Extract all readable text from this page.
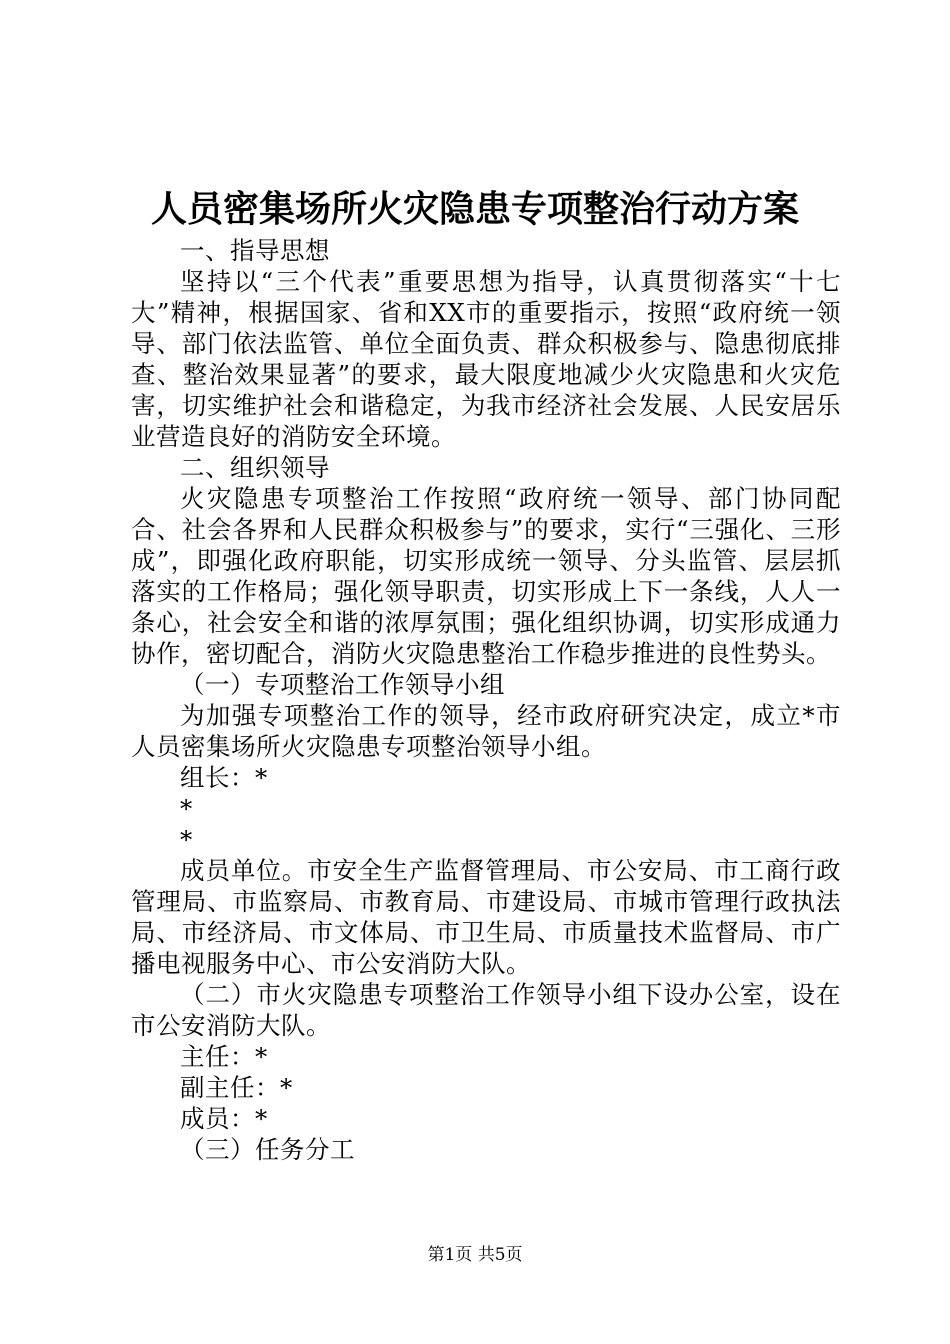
人员密集场所火灾隐患专项整治行动方案

一、指导思想

坚持以“三个代表”重要思想为指导，认真贯彻落实“十七大”精神，根据国家、省和XX市的重要指示，按照“政府统一领导、部门依法监管、单位全面负责、群众积极参与、隐患彻底排查、整治效果显著”的要求，最大限度地减少火灾隐患和火灾危害，切实维护社会和谐稳定，为我市经济社会发展、人民安居乐业营造良好的消防安全环境。

二、组织领导

火灾隐患专项整治工作按照“政府统一领导、部门协同配合、社会各界和人民群众积极参与”的要求，实行“三强化、三形成”，即强化政府职能，切实形成统一领导、分头监管、层层抓落实的工作格局；强化领导职责，切实形成上下一条线，人人一条心，社会安全和谐的浓厚氛围；强化组织协调，切实形成通力协作，密切配合，消防火灾隐患整治工作稳步推进的良性势头。

（一）专项整治工作领导小组

为加强专项整治工作的领导，经市政府研究决定，成立*市人员密集场所火灾隐患专项整治领导小组。

组长：*

*

*

成员单位。市安全生产监督管理局、市公安局、市工商行政管理局、市监察局、市教育局、市建设局、市城市管理行政执法局、市经济局、市文体局、市卫生局、市质量技术监督局、市广播电视服务中心、市公安消防大队。

（二）市火灾隐患专项整治工作领导小组下设办公室，设在市公安消防大队。

主任：*

副主任：*

成员：*

（三）任务分工

第1页 共5页
